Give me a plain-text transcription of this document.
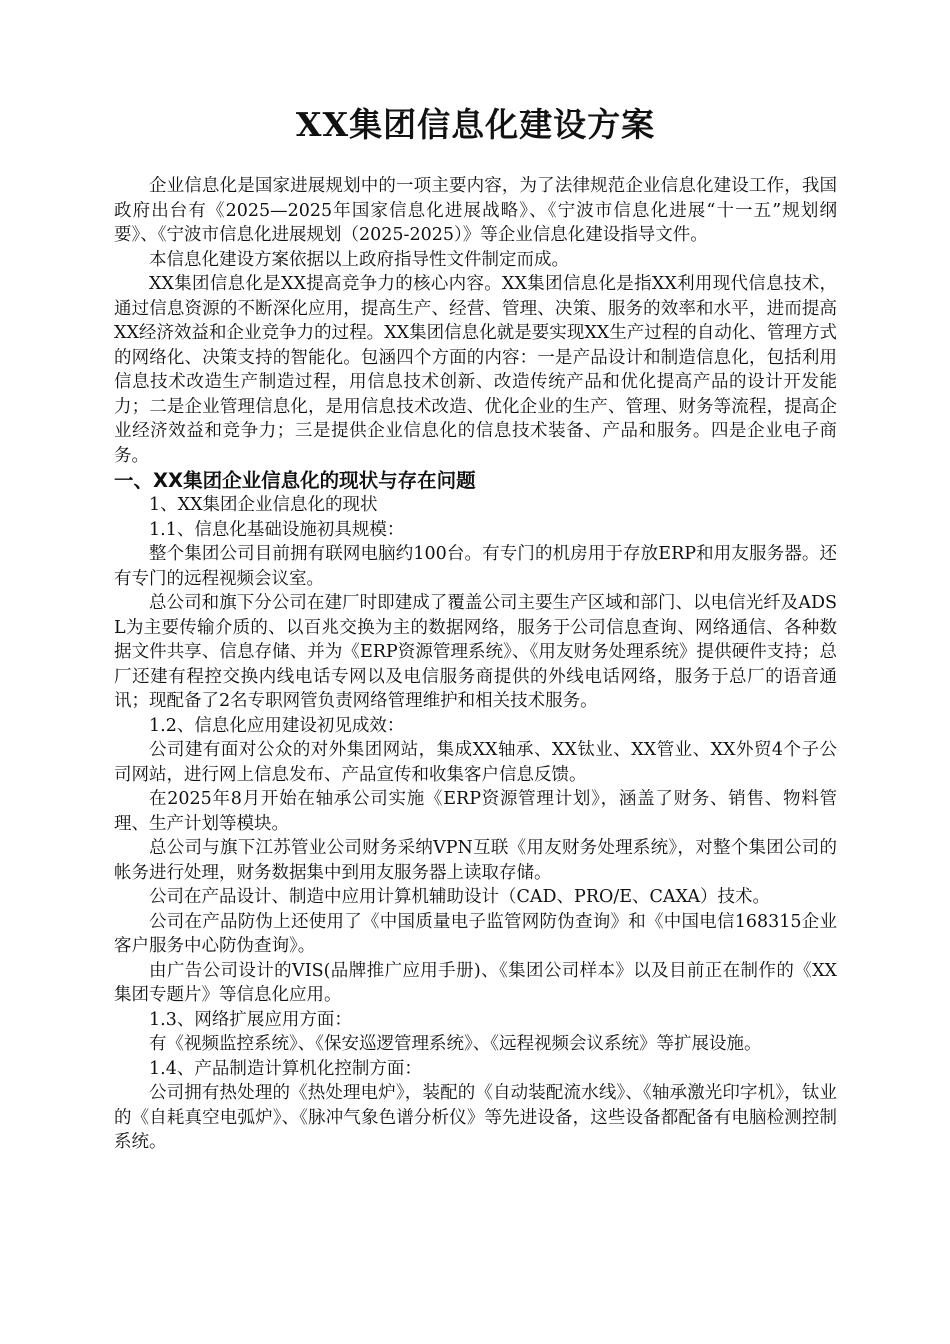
XX集团信息化建设方案

企业信息化是国家进展规划中的一项主要内容，为了法律规范企业信息化建设工作，我国政府出台有《2025—2025年国家信息化进展战略》、《宁波市信息化进展“十一五”规划纲要》、《宁波市信息化进展规划（2025-2025）》等企业信息化建设指导文件。

本信息化建设方案依据以上政府指导性文件制定而成。

XX集团信息化是XX提高竞争力的核心内容。XX集团信息化是指XX利用现代信息技术，通过信息资源的不断深化应用，提高生产、经营、管理、决策、服务的效率和水平，进而提高XX经济效益和企业竞争力的过程。XX集团信息化就是要实现XX生产过程的自动化、管理方式的网络化、决策支持的智能化。包涵四个方面的内容：一是产品设计和制造信息化，包括利用信息技术改造生产制造过程，用信息技术创新、改造传统产品和优化提高产品的设计开发能力；二是企业管理信息化，是用信息技术改造、优化企业的生产、管理、财务等流程，提高企业经济效益和竞争力；三是提供企业信息化的信息技术装备、产品和服务。四是企业电子商务。

一、XX集团企业信息化的现状与存在问题

1、XX集团企业信息化的现状

1.1、信息化基础设施初具规模：

整个集团公司目前拥有联网电脑约100台。有专门的机房用于存放ERP和用友服务器。还有专门的远程视频会议室。

总公司和旗下分公司在建厂时即建成了覆盖公司主要生产区域和部门、以电信光纤及ADSL为主要传输介质的、以百兆交换为主的数据网络，服务于公司信息查询、网络通信、各种数据文件共享、信息存储、并为《ERP资源管理系统》、《用友财务处理系统》提供硬件支持；总厂还建有程控交换内线电话专网以及电信服务商提供的外线电话网络，服务于总厂的语音通讯；现配备了2名专职网管负责网络管理维护和相关技术服务。

1.2、信息化应用建设初见成效：

公司建有面对公众的对外集团网站，集成XX轴承、XX钛业、XX管业、XX外贸4个子公司网站，进行网上信息发布、产品宣传和收集客户信息反馈。

在2025年8月开始在轴承公司实施《ERP资源管理计划》，涵盖了财务、销售、物料管理、生产计划等模块。

总公司与旗下江苏管业公司财务采纳VPN互联《用友财务处理系统》，对整个集团公司的帐务进行处理，财务数据集中到用友服务器上读取存储。

公司在产品设计、制造中应用计算机辅助设计（CAD、PRO/E、CAXA）技术。

公司在产品防伪上还使用了《中国质量电子监管网防伪查询》和《中国电信168315企业客户服务中心防伪查询》。

由广告公司设计的VIS(品牌推广应用手册)、《集团公司样本》以及目前正在制作的《XX集团专题片》等信息化应用。

1.3、网络扩展应用方面：

有《视频监控系统》、《保安巡逻管理系统》、《远程视频会议系统》等扩展设施。

1.4、产品制造计算机化控制方面：

公司拥有热处理的《热处理电炉》，装配的《自动装配流水线》、《轴承激光印字机》，钛业的《自耗真空电弧炉》、《脉冲气象色谱分析仪》等先进设备，这些设备都配备有电脑检测控制系统。
